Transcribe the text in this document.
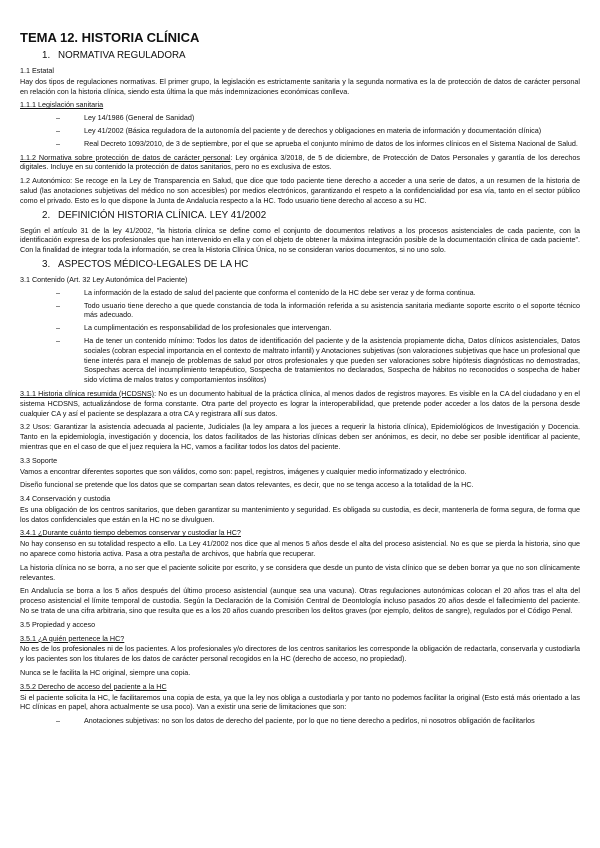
TEMA 12. HISTORIA CLÍNICA
1. NORMATIVA REGULADORA
1.1 Estatal

Hay dos tipos de regulaciones normativas. El primer grupo, la legislación es estrictamente sanitaria y la segunda normativa es la de protección de datos de carácter personal en relación con la historia clínica, siendo esta última la que más indemnizaciones económicas conlleva.

1.1.1 Legislación sanitaria
– Ley 14/1986 (General de Sanidad)
– Ley 41/2002 (Básica reguladora de la autonomía del paciente y de derechos y obligaciones en materia de información y documentación clínica)
– Real Decreto 1093/2010, de 3 de septiembre, por el que se aprueba el conjunto mínimo de datos de los informes clínicos en el Sistema Nacional de Salud.

1.1.2 Normativa sobre protección de datos de carácter personal: Ley orgánica 3/2018, de 5 de diciembre, de Protección de Datos Personales y garantía de los derechos digitales. Incluye en su contenido la protección de datos sanitarios, pero no es exclusiva de estos.

1.2 Autonómico: Se recoge en la Ley de Transparencia en Salud, que dice que todo paciente tiene derecho a acceder a una serie de datos, a un resumen de la historia de salud (las anotaciones subjetivas del médico no son accesibles) por medios electrónicos, garantizando el respeto a la confidencialidad por esa vía, tanto en el sector público como el privado. Esto es lo que dispone la Junta de Andalucía respecto a la HC. Todo usuario tiene derecho al acceso a su HC.

2. DEFINICIÓN HISTORIA CLÍNICA. LEY 41/2002

Según el artículo 31 de la ley 41/2002, "la historia clínica se define como el conjunto de documentos relativos a los procesos asistenciales de cada paciente, con la identificación expresa de los profesionales que han intervenido en ella y con el objeto de obtener la máxima integración posible de la documentación clínica de cada paciente". Con la finalidad de integrar toda la información, se crea la Historia Clínica Única, no se consideran varios documentos, si no uno solo.

3. ASPECTOS MÉDICO-LEGALES DE LA HC
3.1 Contenido (Art. 32 Ley Autonómica del Paciente)
– La información de la estado de salud del paciente que conforma el contenido de la HC debe ser veraz y de forma continua.
– Todo usuario tiene derecho a que quede constancia de toda la información referida a su asistencia sanitaria mediante soporte escrito o el soporte técnico más adecuado.
– La cumplimentación es responsabilidad de los profesionales que intervengan.
– Ha de tener un contenido mínimo: Todos los datos de identificación del paciente y de la asistencia propiamente dicha, Datos clínicos asistenciales, Datos sociales (cobran especial importancia en el contexto de maltrato infantil) y Anotaciones subjetivas (son valoraciones subjetivas que hace un profesional que tiene interés para el manejo de problemas de salud por otros profesionales y que pueden ser valoraciones sobre hipótesis diagnósticas no demostradas, Sospechas acerca del incumplimiento terapéutico, Sospecha de tratamientos no declarados, Sospecha de hábitos no reconocidos o sospecha de haber sido víctima de malos tratos y comportamientos insólitos)

3.1.1 Historia clínica resumida (HCDSNS): No es un documento habitual de la práctica clínica, al menos dados de registros mayores. Es visible en la CA del ciudadano y en el sistema HCDSNS, actualizándose de forma constante. Otra parte del proyecto es lograr la interoperabilidad, que pretende poder acceder a los datos de la persona desde cualquier CA y así el paciente se desplazara a otra CA y registrara allí sus datos.

3.2 Usos: Garantizar la asistencia adecuada al paciente, Judiciales (la ley ampara a los jueces a requerir la historia clínica), Epidemiológicos de Investigación y Docencia. Tanto en la epidemiología, investigación y docencia, los datos facilitados de las historias clínicas deben ser anónimos, es decir, no debe ser posible identificar al paciente, mientras que en el caso de que el juez requiera la HC, vamos a facilitar todos los datos del paciente.

3.3 Soporte

Vamos a encontrar diferentes soportes que son válidos, como son: papel, registros, imágenes y cualquier medio informatizado y electrónico.

Diseño funcional se pretende que los datos que se compartan sean datos relevantes, es decir, que no se tenga acceso a la totalidad de la HC.

3.4 Conservación y custodia

Es una obligación de los centros sanitarios, que deben garantizar su mantenimiento y seguridad. Es obligada su custodia, es decir, mantenerla de forma segura, de forma que los datos confidenciales que están en la HC no se divulguen.

3.4.1 ¿Durante cuánto tiempo debemos conservar y custodiar la HC?

No hay consenso en su totalidad respecto a ello. La Ley 41/2002 nos dice que al menos 5 años desde el alta del proceso asistencial. No es que se pierda la historia, sino que no aparece como historia activa. Pasa a otra pestaña de archivos, que habría que recuperar.

La historia clínica no se borra, a no ser que el paciente solicite por escrito, y se considera que desde un punto de vista clínico que se deben borrar ya que no son clínicamente relevantes.

En Andalucía se borra a los 5 años después del último proceso asistencial (aunque sea una vacuna). Otras regulaciones autonómicas colocan el 20 años tras el alta del proceso asistencial el límite temporal de custodia. Según la Declaración de la Comisión Central de Deontología incluso pasados 20 años desde el fallecimiento del paciente. No se trata de una cifra arbitraria, sino que resulta que es a los 20 años cuando prescriben los delitos graves (por ejemplo, delitos de sangre), regulados por el Código Penal.

3.5 Propiedad y acceso
3.5.1 ¿A quién pertenece la HC?

No es de los profesionales ni de los pacientes. A los profesionales y/o directores de los centros sanitarios les corresponde la obligación de redactarla, conservarla y custodiarla y los pacientes son los titulares de los datos de carácter personal recogidos en la HC (derecho de acceso, no propiedad).

Nunca se le facilita la HC original, siempre una copia.

3.5.2 Derecho de acceso del paciente a la HC

Si el paciente solicita la HC, le facilitaremos una copia de esta, ya que la ley nos obliga a custodiarla y por tanto no podemos facilitar la original (Esto está más orientado a las HC clínicas en papel, ahora actualmente se usa poco). Van a existir una serie de limitaciones que son:

– Anotaciones subjetivas: no son los datos de derecho del paciente, por lo que no tiene derecho a pedirlos, ni nosotros obligación de facilitarlos
